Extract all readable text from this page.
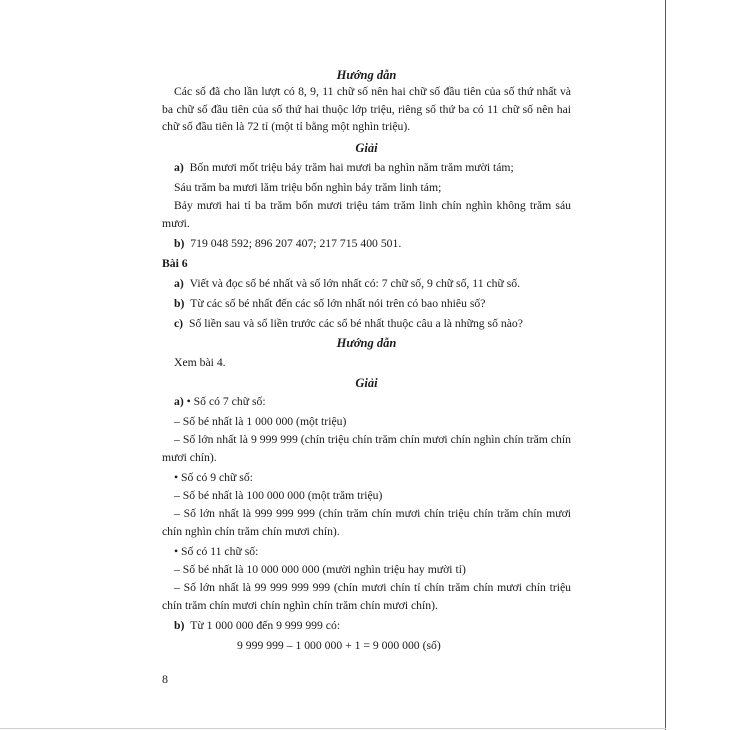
Hướng dẫn

Các số đã cho lần lượt có 8, 9, 11 chữ số nên hai chữ số đầu tiên của số thứ nhất và ba chữ số đầu tiên của số thứ hai thuộc lớp triệu, riêng số thứ ba có 11 chữ số nên hai chữ số đầu tiên là 72 tỉ (một tỉ bằng một nghìn triệu).

Giải

a) Bốn mươi mốt triệu bảy trăm hai mươi ba nghìn năm trăm mười tám;

Sáu trăm ba mươi lăm triệu bốn nghìn bảy trăm linh tám;

Bảy mươi hai tỉ ba trăm bốn mươi triệu tám trăm linh chín nghìn không trăm sáu mươi.

b) 719 048 592; 896 207 407; 217 715 400 501.

Bài 6

a) Viết và đọc số bé nhất và số lớn nhất có: 7 chữ số, 9 chữ số, 11 chữ số.

b) Từ các số bé nhất đến các số lớn nhất nói trên có bao nhiêu số?

c) Số liền sau và số liền trước các số bé nhất thuộc câu a là những số nào?

Hướng dẫn

Xem bài 4.

Giải

a) • Số có 7 chữ số:

– Số bé nhất là 1 000 000 (một triệu)

– Số lớn nhất là 9 999 999 (chín triệu chín trăm chín mươi chín nghìn chín trăm chín mươi chín).

• Số có 9 chữ số:

– Số bé nhất là 100 000 000 (một trăm triệu)

– Số lớn nhất là 999 999 999 (chín trăm chín mươi chín triệu chín trăm chín mươi chín nghìn chín trăm chín mươi chín).

• Số có 11 chữ số:

– Số bé nhất là 10 000 000 000 (mười nghìn triệu hay mười tỉ)

– Số lớn nhất là 99 999 999 999 (chín mươi chín tỉ chín trăm chín mươi chín triệu chín trăm chín mươi chín nghìn chín trăm chín mươi chín).

b) Từ 1 000 000 đến 9 999 999 có:

9 999 999 – 1 000 000 + 1 = 9 000 000 (số)

8
